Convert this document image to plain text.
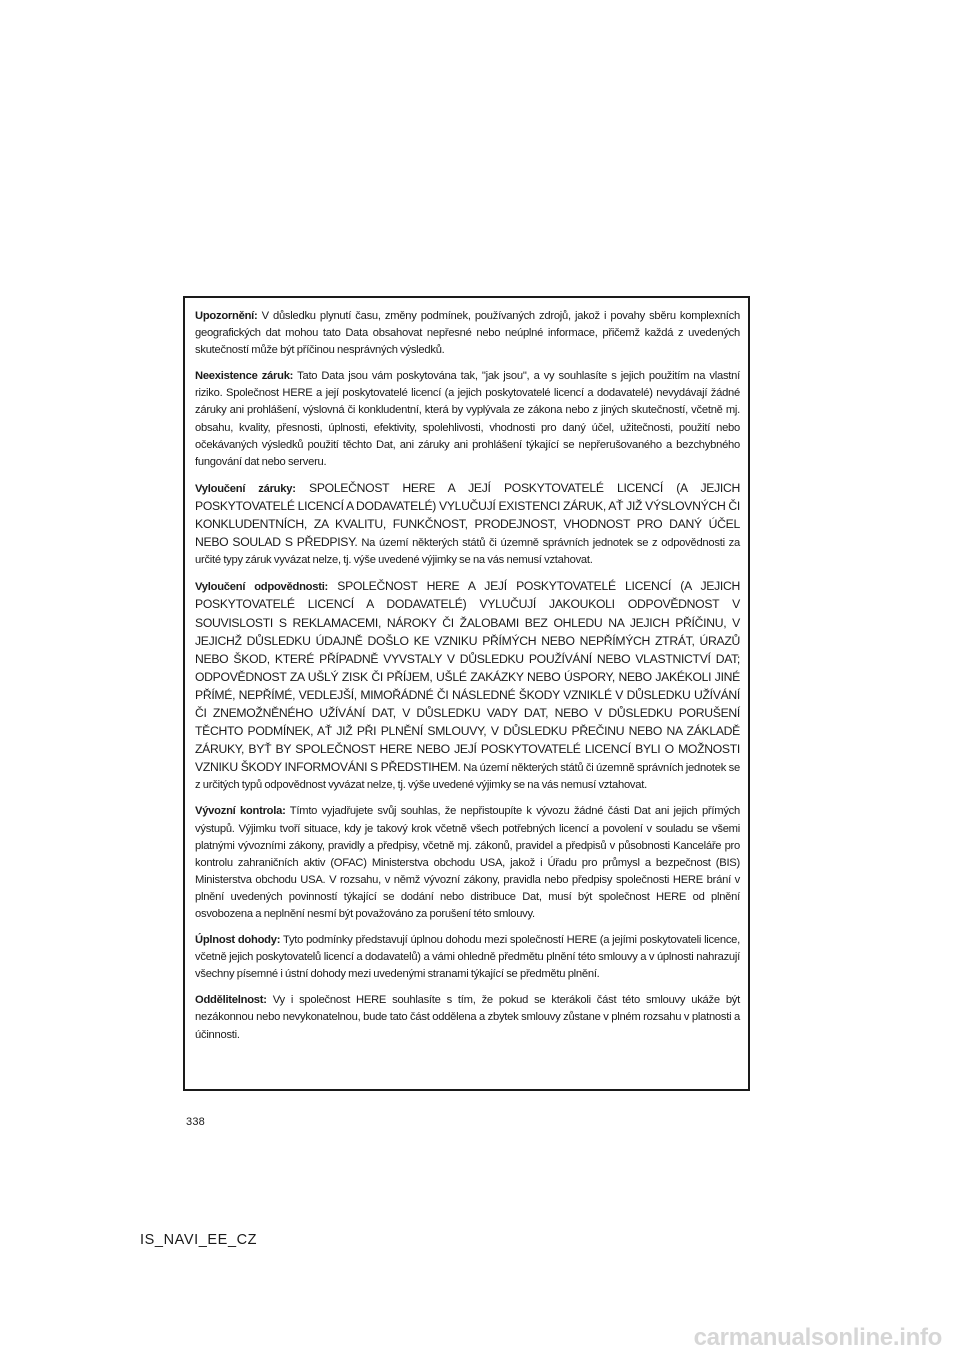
Upozornění: V důsledku plynutí času, změny podmínek, používaných zdrojů, jakož i povahy sběru komplexních geografických dat mohou tato Data obsahovat nepřesné nebo neúplné informace, přičemž každá z uvedených skutečností může být příčinou nesprávných výsledků.

Neexistence záruk: Tato Data jsou vám poskytována tak, "jak jsou", a vy souhlasíte s jejich použitím na vlastní riziko. Společnost HERE a její poskytovatelé licencí (a jejich poskytovatelé licencí a dodavatelé) nevydávají žádné záruky ani prohlášení, výslovná či konkludentní, která by vyplývala ze zákona nebo z jiných skutečností, včetně mj. obsahu, kvality, přesnosti, úplnosti, efektivity, spolehlivosti, vhodnosti pro daný účel, užitečnosti, použití nebo očekávaných výsledků použití těchto Dat, ani záruky ani prohlášení týkající se nepřerušovaného a bezchybného fungování dat nebo serveru.

Vyloučení záruky: SPOLEČNOST HERE A JEJÍ POSKYTOVATELÉ LICENCÍ (A JEJICH POSKYTOVATELÉ LICENCÍ A DODAVATELÉ) VYLUČUJÍ EXISTENCI ZÁRUK, AŤ JIŽ VÝSLOVNÝCH ČI KONKLUDENTNÍCH, ZA KVALITU, FUNKČNOST, PRODEJNOST, VHODNOST PRO DANÝ ÚČEL NEBO SOULAD S PŘEDPISY. Na území některých států či územně správních jednotek se z odpovědnosti za určité typy záruk vyvázat nelze, tj. výše uvedené výjimky se na vás nemusí vztahovat.

Vyloučení odpovědnosti: SPOLEČNOST HERE A JEJÍ POSKYTOVATELÉ LICENCÍ (A JEJICH POSKYTOVATELÉ LICENCÍ A DODAVATELÉ) VYLUČUJÍ JAKOUKOLI ODPOVĚDNOST V SOUVISLOSTI S REKLAMACEMI, NÁROKY ČI ŽALOBAMI BEZ OHLEDU NA JEJICH PŘÍČINU, V JEJICHŽ DŮSLEDKU ÚDAJNĚ DOŠLO KE VZNIKU PŘÍMÝCH NEBO NEPŘÍMÝCH ZTRÁT, ÚRAZŮ NEBO ŠKOD, KTERÉ PŘÍPADNĚ VYVSTALY V DŮSLEDKU POUŽÍVÁNÍ NEBO VLASTNICTVÍ DAT; ODPOVĚDNOST ZA UŠLÝ ZISK ČI PŘÍJEM, UŠLÉ ZAKÁZKY NEBO ÚSPORY, NEBO JAKÉKOLI JINÉ PŘÍMÉ, NEPŘÍMÉ, VEDLEJŠÍ, MIMOŘÁDNÉ ČI NÁSLEDNÉ ŠKODY VZNIKLÉ V DŮSLEDKU UŽÍVÁNÍ ČI ZNEMOŽNĚNÉHO UŽÍVÁNÍ DAT, V DŮSLEDKU VADY DAT, NEBO V DŮSLEDKU PORUŠENÍ TĚCHTO PODMÍNEK, AŤ JIŽ PŘI PLNĚNÍ SMLOUVY, V DŮSLEDKU PŘEČINU NEBO NA ZÁKLADĚ ZÁRUKY, BYŤ BY SPOLEČNOST HERE NEBO JEJÍ POSKYTOVATELÉ LICENCÍ BYLI O MOŽNOSTI VZNIKU ŠKODY INFORMOVÁNI S PŘEDSTIHEM. Na území některých států či územně správních jednotek se z určitých typů odpovědnost vyvázat nelze, tj. výše uvedené výjimky se na vás nemusí vztahovat.

Vývozní kontrola: Tímto vyjadřujete svůj souhlas, že nepřistoupíte k vývozu žádné části Dat ani jejich přímých výstupů. Výjimku tvoří situace, kdy je takový krok včetně všech potřebných licencí a povolení v souladu se všemi platnými vývozními zákony, pravidly a předpisy, včetně mj. zákonů, pravidel a předpisů v působnosti Kanceláře pro kontrolu zahraničních aktiv (OFAC) Ministerstva obchodu USA, jakož i Úřadu pro průmysl a bezpečnost (BIS) Ministerstva obchodu USA. V rozsahu, v němž vývozní zákony, pravidla nebo předpisy společnosti HERE brání v plnění uvedených povinností týkající se dodání nebo distribuce Dat, musí být společnost HERE od plnění osvobozena a neplnění nesmí být považováno za porušení této smlouvy.

Úplnost dohody: Tyto podmínky představují úplnou dohodu mezi společností HERE (a jejími poskytovateli licence, včetně jejich poskytovatelů licencí a dodavatelů) a vámi ohledně předmětu plnění této smlouvy a v úplnosti nahrazují všechny písemné i ústní dohody mezi uvedenými stranami týkající se předmětu plnění.

Oddělitelnost: Vy i společnost HERE souhlasíte s tím, že pokud se kterákoli část této smlouvy ukáže být nezákonnou nebo nevykonatelnou, bude tato část oddělena a zbytek smlouvy zůstane v plném rozsahu v platnosti a účinnosti.

338
IS_NAVI_EE_CZ
carmanualsonline.info
